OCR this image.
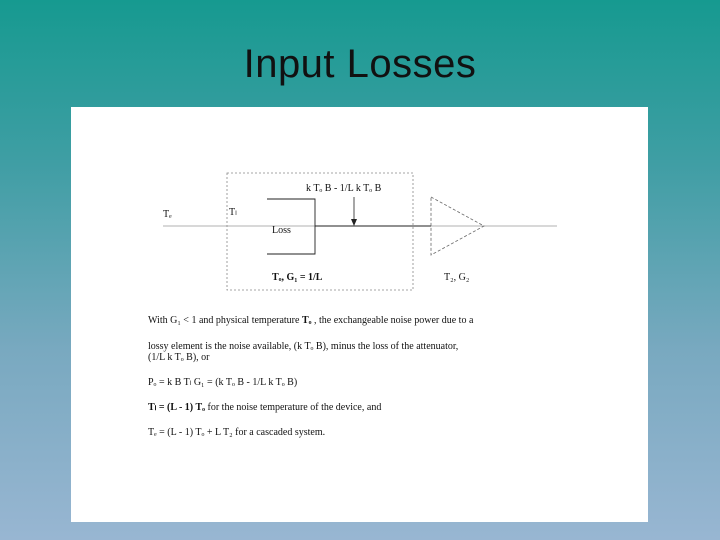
Input Losses
Tₑ	Tₗ
Loss
k Tₒ B - 1/L k Tₒ B
Tₒ, G₁ = 1/L	T₂, G₂
With G₁ < 1 and physical temperature Tₒ , the exchangeable noise power due to a
lossy element is the noise available, (k Tₒ B), minus the loss of the attenuator,
(1/L k Tₒ B), or
Pₒ = k B Tₗ G₁ = (k Tₒ B - 1/L k Tₒ B)
Tₗ = (L - 1) Tₒ for the noise temperature of the device, and
Tₑ = (L - 1) Tₒ + L T₂ for a cascaded system.
